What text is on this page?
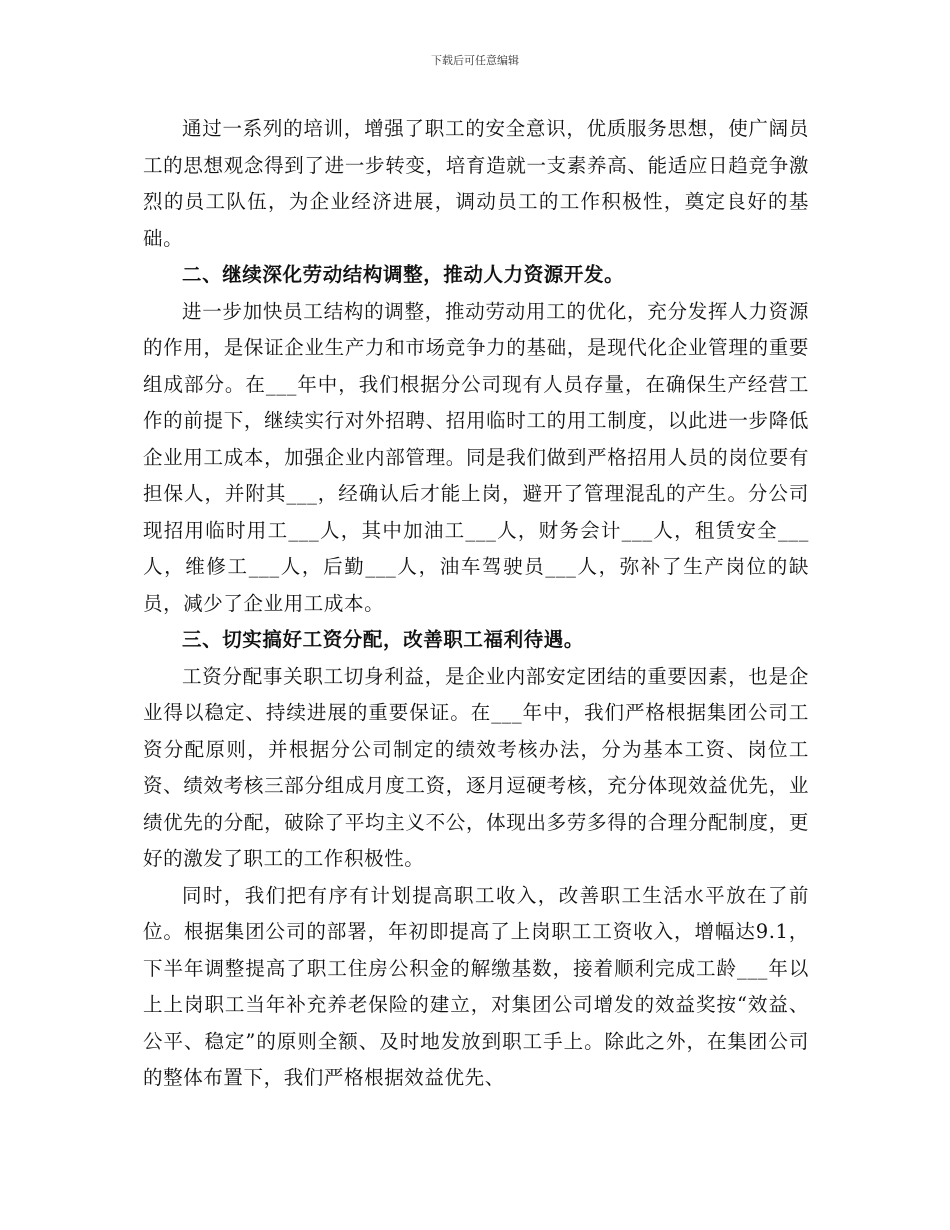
下载后可任意编辑

通过一系列的培训，增强了职工的安全意识，优质服务思想，使广阔员工的思想观念得到了进一步转变，培育造就一支素养高、能适应日趋竞争激烈的员工队伍，为企业经济进展，调动员工的工作积极性，奠定良好的基础。

二、继续深化劳动结构调整，推动人力资源开发。

进一步加快员工结构的调整，推动劳动用工的优化，充分发挥人力资源的作用，是保证企业生产力和市场竞争力的基础，是现代化企业管理的重要组成部分。在___年中，我们根据分公司现有人员存量，在确保生产经营工作的前提下，继续实行对外招聘、招用临时工的用工制度，以此进一步降低企业用工成本，加强企业内部管理。同是我们做到严格招用人员的岗位要有担保人，并附其___，经确认后才能上岗，避开了管理混乱的产生。分公司现招用临时用工___人，其中加油工___人，财务会计___人，租赁安全___人，维修工___人，后勤___人，油车驾驶员___人，弥补了生产岗位的缺员，减少了企业用工成本。

三、切实搞好工资分配，改善职工福利待遇。

工资分配事关职工切身利益，是企业内部安定团结的重要因素，也是企业得以稳定、持续进展的重要保证。在___年中，我们严格根据集团公司工资分配原则，并根据分公司制定的绩效考核办法，分为基本工资、岗位工资、绩效考核三部分组成月度工资，逐月逗硬考核，充分体现效益优先，业绩优先的分配，破除了平均主义不公，体现出多劳多得的合理分配制度，更好的激发了职工的工作积极性。

同时，我们把有序有计划提高职工收入，改善职工生活水平放在了前位。根据集团公司的部署，年初即提高了上岗职工工资收入，增幅达9.1，下半年调整提高了职工住房公积金的解缴基数，接着顺利完成工龄___年以上上岗职工当年补充养老保险的建立，对集团公司增发的效益奖按“效益、公平、稳定”的原则全额、及时地发放到职工手上。除此之外，在集团公司的整体布置下，我们严格根据效益优先、
